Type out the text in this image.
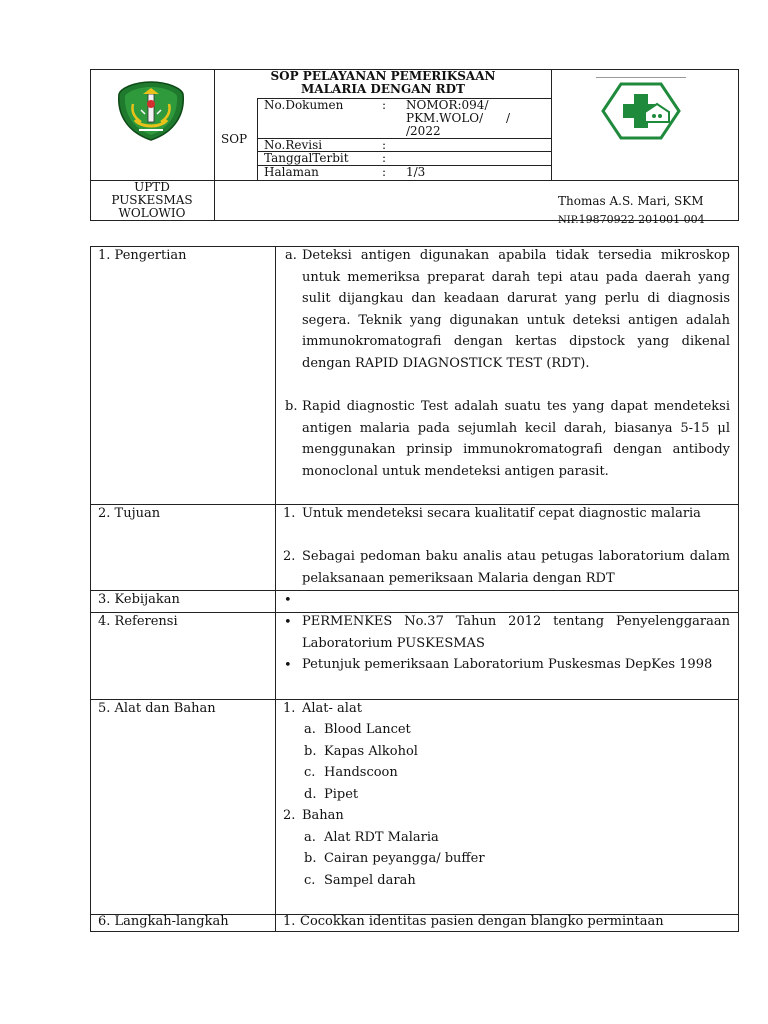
SOP PELAYANAN PEMERIKSAAN
MALARIA DENGAN RDT
SOP
No.Dokumen	: NOMOR:094/
PKM.WOLO/      /
/2022
No.Revisi	:
TanggalTerbit	:
Halaman	: 1/3
UPTD
PUSKESMAS
WOLOWIO
Thomas A.S. Mari, SKM
NIP.19870922 201001 004
1. Pengertian	a. Deteksi antigen digunakan apabila tidak tersedia mikroskop untuk memeriksa preparat darah tepi atau pada daerah yang sulit dijangkau dan keadaan darurat yang perlu di diagnosis segera. Teknik yang digunakan untuk deteksi antigen adalah immunokromatografi dengan kertas dipstock yang dikenal dengan RAPID DIAGNOSTICK TEST (RDT).
b. Rapid diagnostic Test adalah suatu tes yang dapat mendeteksi antigen malaria pada sejumlah kecil darah, biasanya 5-15 μl menggunakan prinsip immunokromatografi dengan antibody monoclonal untuk mendeteksi antigen parasit.
2. Tujuan	1. Untuk mendeteksi secara kualitatif cepat diagnostic malaria
2. Sebagai pedoman baku analis atau petugas laboratorium dalam pelaksanaan pemeriksaan Malaria dengan RDT
3. Kebijakan	•
4. Referensi	• PERMENKES No.37 Tahun 2012 tentang Penyelenggaraan Laboratorium PUSKESMAS
• Petunjuk pemeriksaan Laboratorium Puskesmas DepKes 1998
5. Alat dan Bahan	1. Alat- alat
a. Blood Lancet
b. Kapas Alkohol
c. Handscoon
d. Pipet
2. Bahan
a. Alat RDT Malaria
b. Cairan peyangga/ buffer
c. Sampel darah
6. Langkah-langkah	1. Cocokkan identitas pasien dengan blangko permintaan
